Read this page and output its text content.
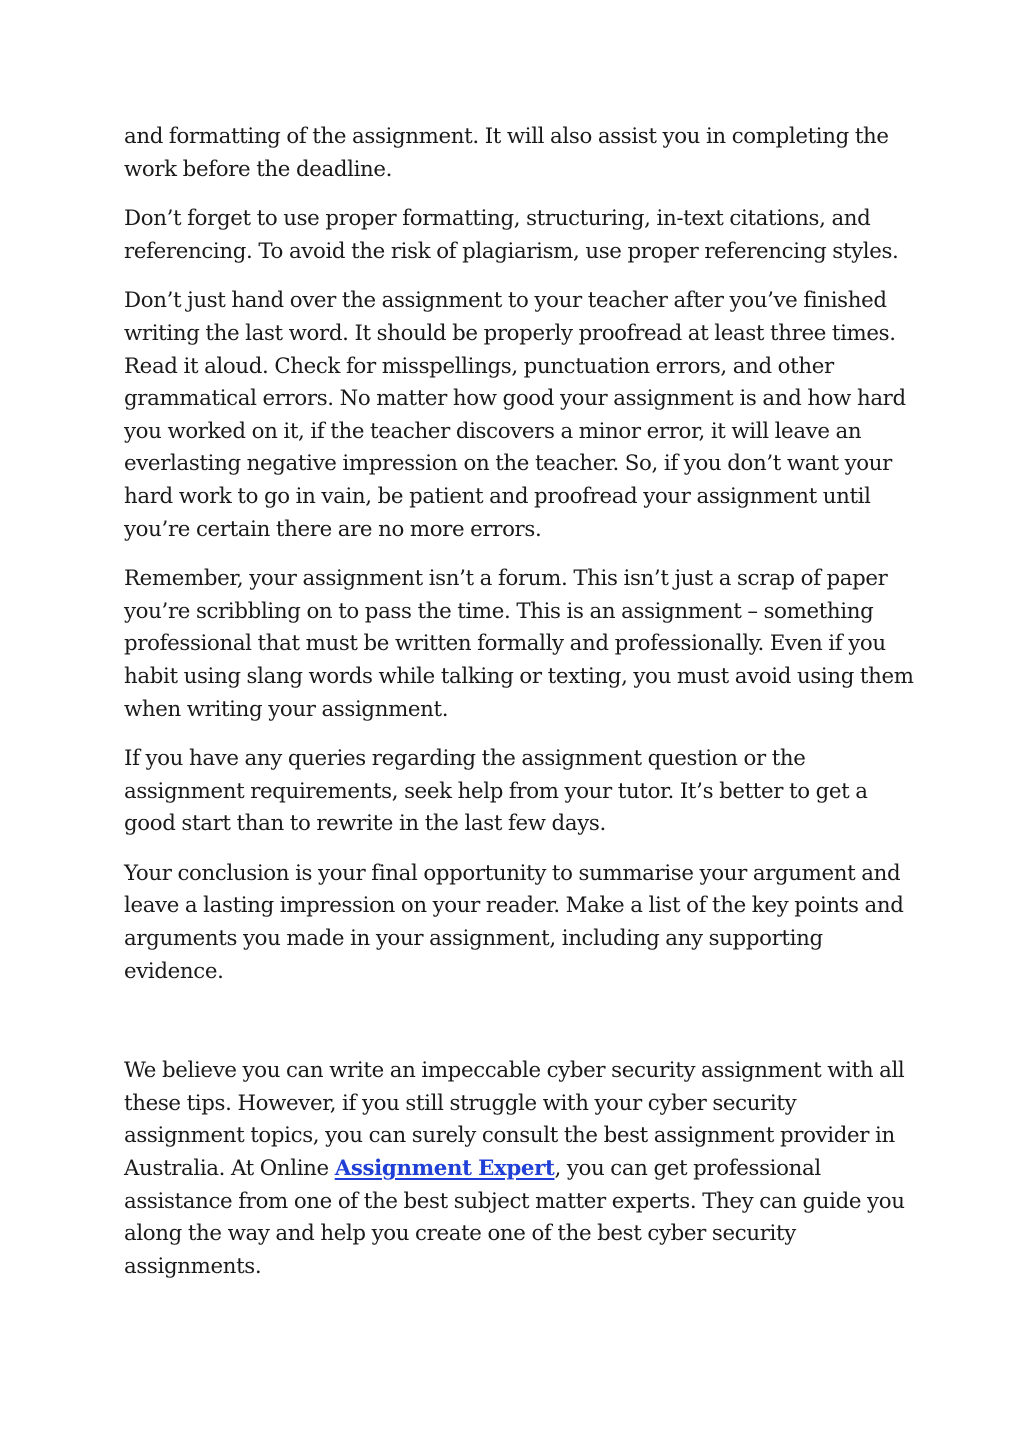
and formatting of the assignment. It will also assist you in completing the work before the deadline.

Don’t forget to use proper formatting, structuring, in-text citations, and referencing. To avoid the risk of plagiarism, use proper referencing styles.

Don’t just hand over the assignment to your teacher after you’ve finished writing the last word. It should be properly proofread at least three times. Read it aloud. Check for misspellings, punctuation errors, and other grammatical errors. No matter how good your assignment is and how hard you worked on it, if the teacher discovers a minor error, it will leave an everlasting negative impression on the teacher. So, if you don’t want your hard work to go in vain, be patient and proofread your assignment until you’re certain there are no more errors.

Remember, your assignment isn’t a forum. This isn’t just a scrap of paper you’re scribbling on to pass the time. This is an assignment – something professional that must be written formally and professionally. Even if you habit using slang words while talking or texting, you must avoid using them when writing your assignment.

If you have any queries regarding the assignment question or the assignment requirements, seek help from your tutor. It’s better to get a good start than to rewrite in the last few days.

Your conclusion is your final opportunity to summarise your argument and leave a lasting impression on your reader. Make a list of the key points and arguments you made in your assignment, including any supporting evidence.

We believe you can write an impeccable cyber security assignment with all these tips. However, if you still struggle with your cyber security assignment topics, you can surely consult the best assignment provider in Australia. At Online Assignment Expert, you can get professional assistance from one of the best subject matter experts. They can guide you along the way and help you create one of the best cyber security assignments.
